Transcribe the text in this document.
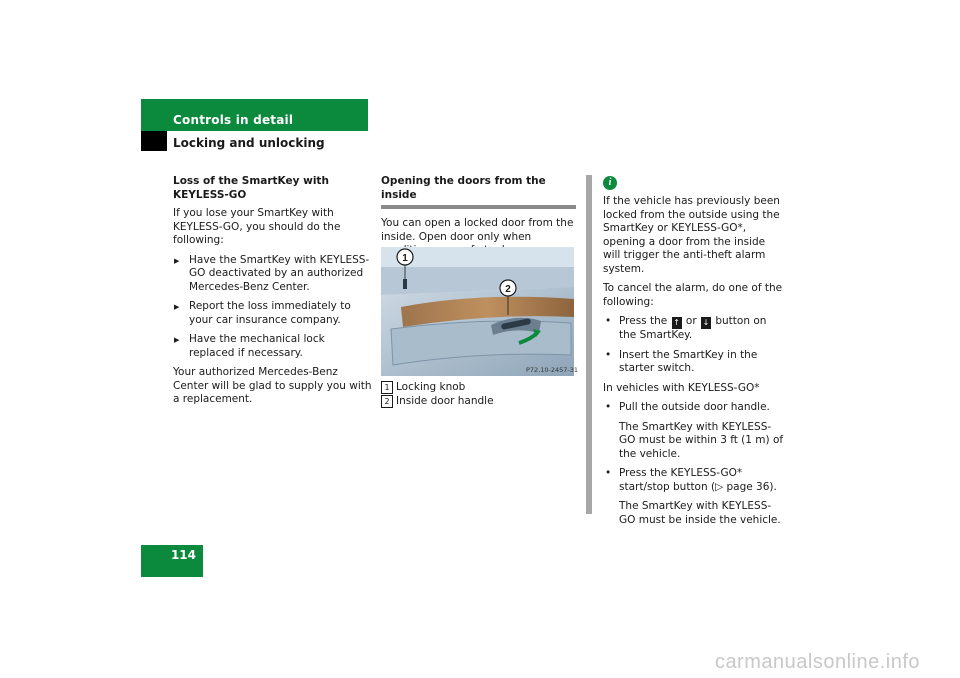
Controls in detail
Locking and unlocking

Loss of the SmartKey with KEYLESS-GO

If you lose your SmartKey with KEYLESS-GO, you should do the following:

▶ Have the SmartKey with KEYLESS-GO deactivated by an authorized Mercedes-Benz Center.
▶ Report the loss immediately to your car insurance company.
▶ Have the mechanical lock replaced if necessary.

Your authorized Mercedes-Benz Center will be glad to supply you with a replacement.

Opening the doors from the inside

You can open a locked door from the inside. Open door only when

1
2
P72.10-2457-31
1 Locking knob
2 Inside door handle
i

If the vehicle has previously been locked from the outside using the SmartKey or KEYLESS-GO*, opening a door from the inside will trigger the anti-theft alarm system.

To cancel the alarm, do one of the following:

• Press the ↑ or ↓ button on the SmartKey.
• Insert the SmartKey in the starter switch.

In vehicles with KEYLESS-GO*

• Pull the outside door handle.
The SmartKey with KEYLESS-GO must be within 3 ft (1 m) of the vehicle.
• Press the KEYLESS-GO* start/stop button (▷ page 36).
The SmartKey with KEYLESS-GO must be inside the vehicle.
114
carmanualsonline.info
